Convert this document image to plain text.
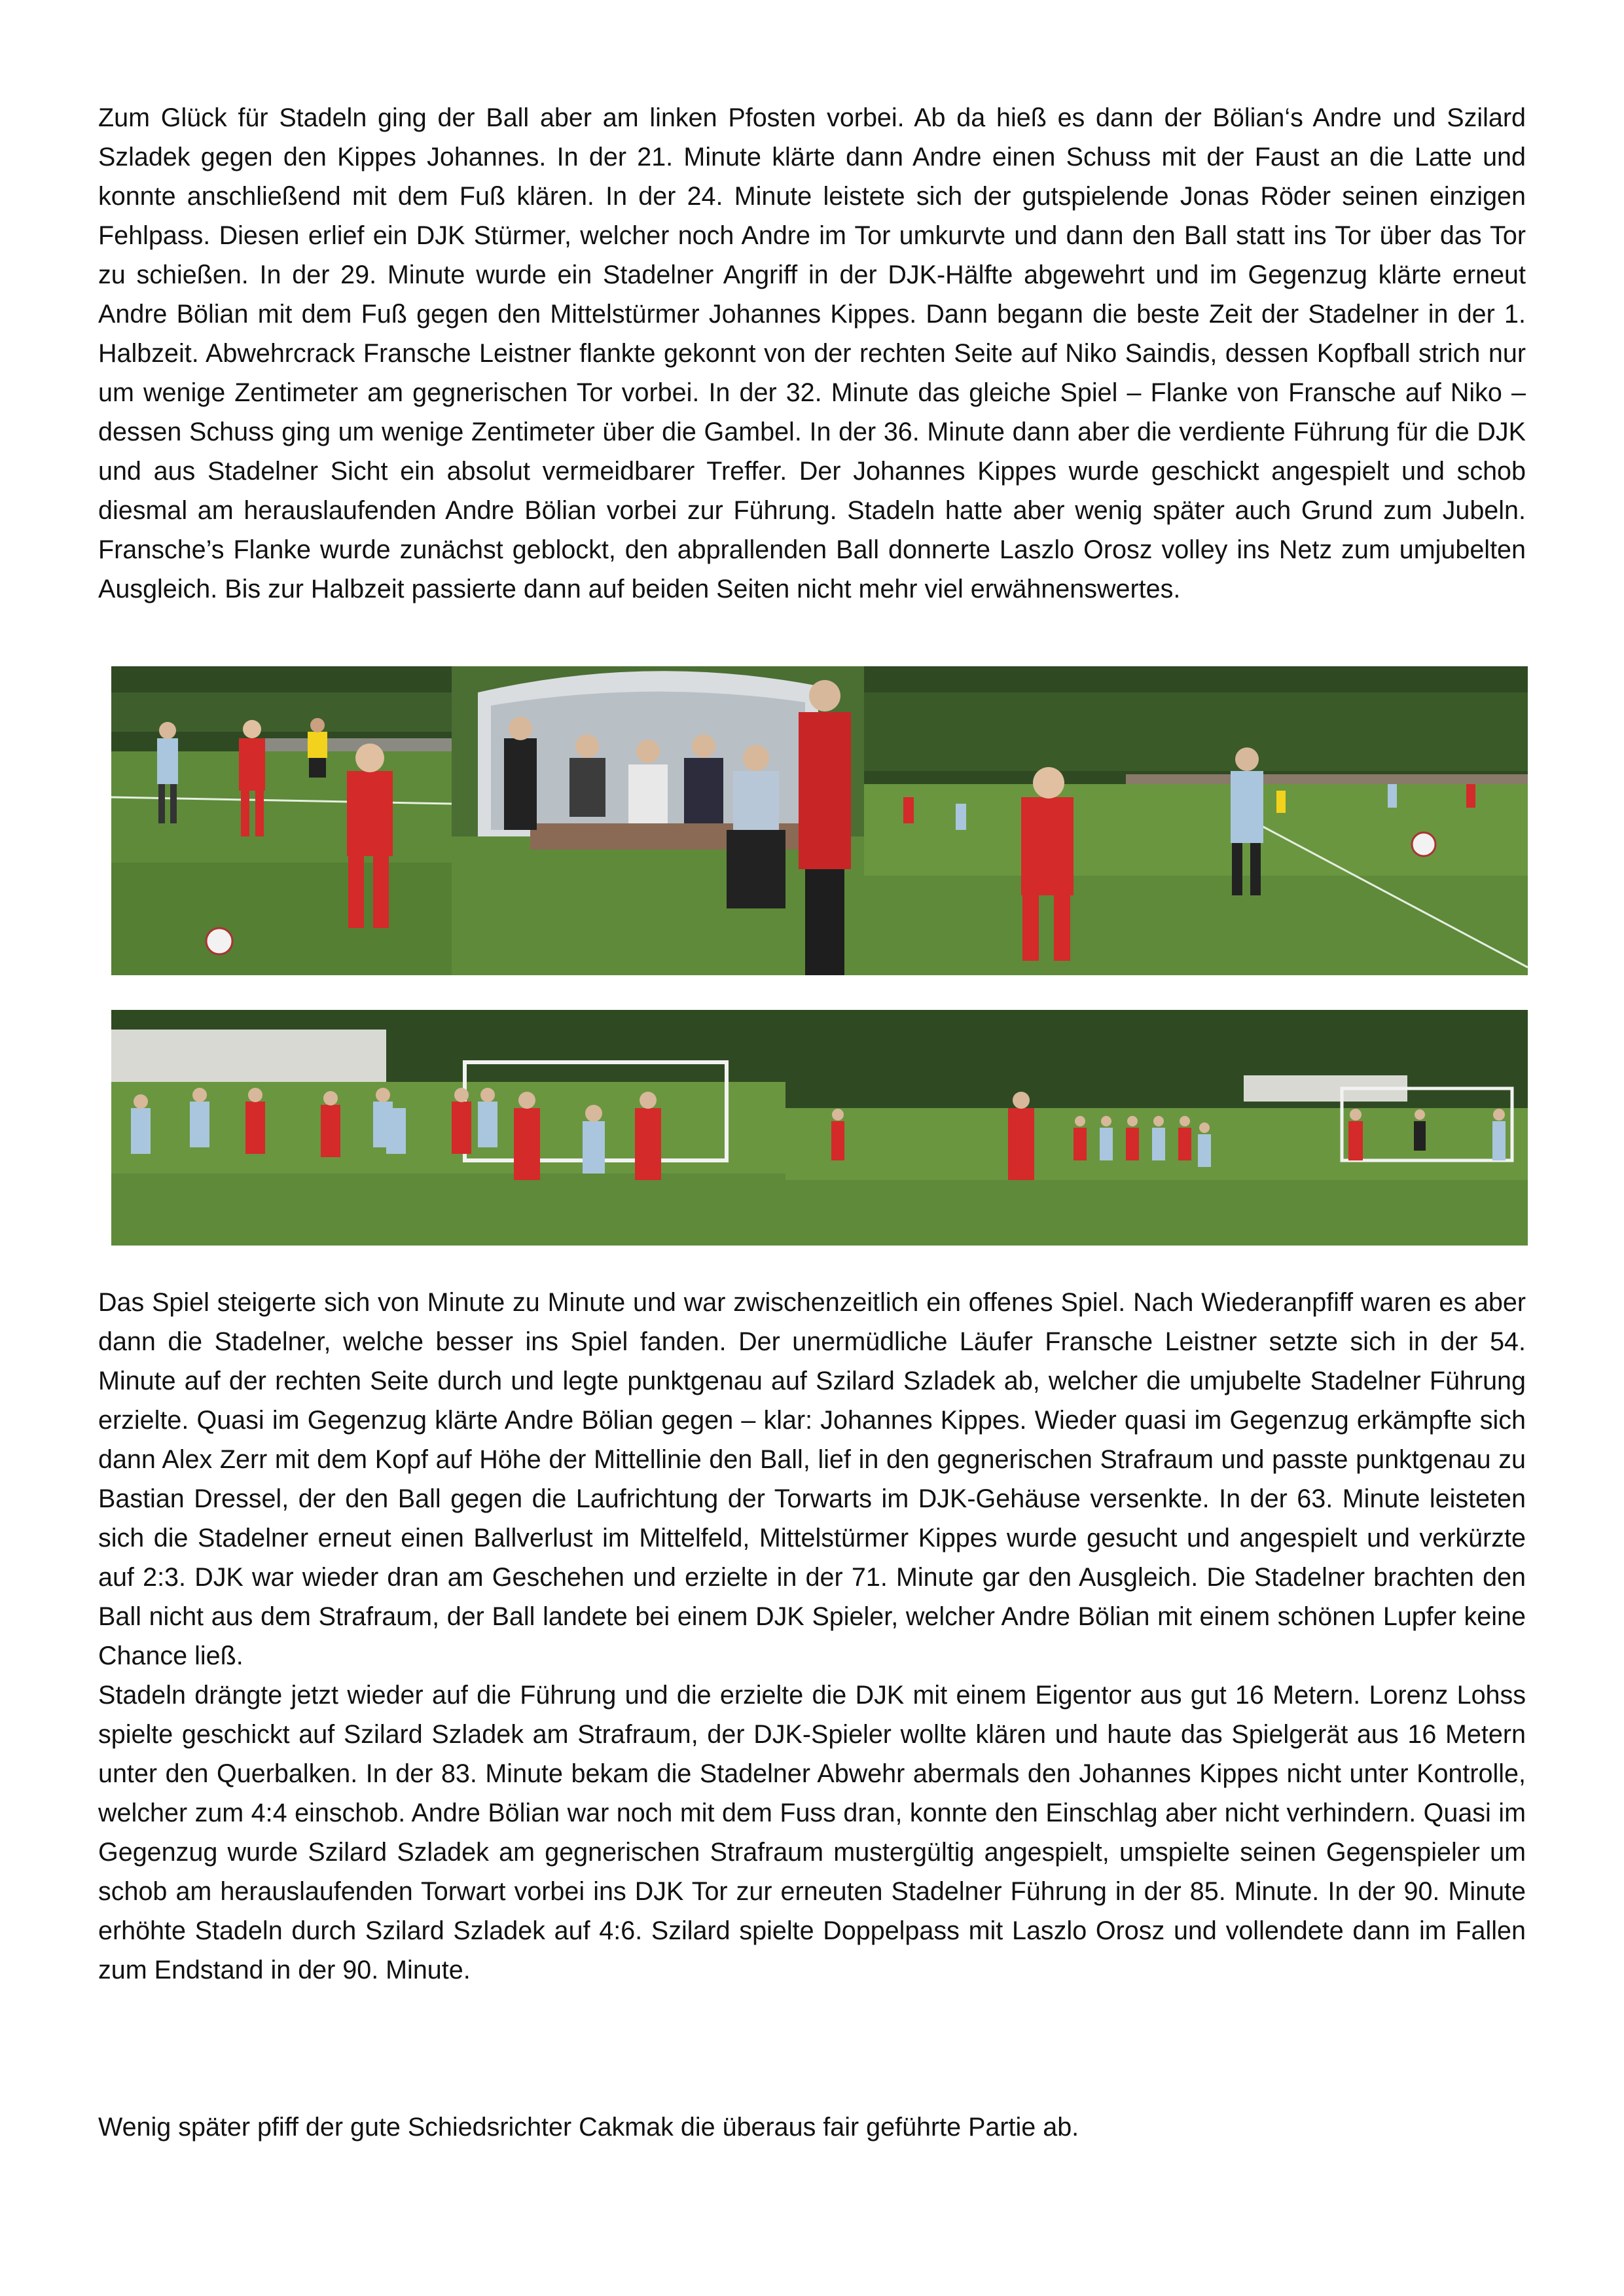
Zum Glück für Stadeln ging der Ball aber am linken Pfosten vorbei. Ab da hieß es dann der Bölian‘s Andre und Szilard Szladek gegen den Kippes Johannes. In der 21. Minute klärte dann Andre einen Schuss mit der Faust an die Latte und konnte anschließend mit dem Fuß klären. In der 24. Minute leistete sich der gutspielende Jonas Röder seinen einzigen Fehlpass. Diesen erlief ein DJK Stürmer, welcher noch Andre im Tor umkurvte und dann den Ball statt ins Tor über das Tor zu schießen. In der 29. Minute wurde ein Stadelner Angriff in der DJK-Hälfte abgewehrt und im Gegenzug klärte erneut Andre Bölian mit dem Fuß gegen den Mittelstürmer Johannes Kippes. Dann begann die beste Zeit der Stadelner in der 1. Halbzeit. Abwehrcrack Fransche Leistner flankte gekonnt von der rechten Seite auf Niko Saindis, dessen Kopfball strich nur um wenige Zentimeter am gegnerischen Tor vorbei. In der 32. Minute das gleiche Spiel – Flanke von Fransche auf Niko – dessen Schuss ging um wenige Zentimeter über die Gambel. In der 36. Minute dann aber die verdiente Führung für die DJK und aus Stadelner Sicht ein absolut vermeidbarer Treffer. Der Johannes Kippes wurde geschickt angespielt und schob diesmal am herauslaufenden Andre Bölian vorbei zur Führung. Stadeln hatte aber wenig später auch Grund zum Jubeln. Fransche’s Flanke wurde zunächst geblockt, den abprallenden Ball donnerte Laszlo Orosz volley ins Netz zum umjubelten Ausgleich. Bis zur Halbzeit passierte dann auf beiden Seiten nicht mehr viel erwähnenswertes.

Das Spiel steigerte sich von Minute zu Minute und war zwischenzeitlich ein offenes Spiel. Nach Wiederanpfiff waren es aber dann die Stadelner, welche besser ins Spiel fanden. Der unermüdliche Läufer Fransche Leistner setzte sich in der 54. Minute auf der rechten Seite durch und legte punktgenau auf Szilard Szladek ab, welcher die umjubelte Stadelner Führung erzielte. Quasi im Gegenzug klärte Andre Bölian gegen – klar: Johannes Kippes. Wieder quasi im Gegenzug erkämpfte sich dann Alex Zerr mit dem Kopf auf Höhe der Mittellinie den Ball, lief in den gegnerischen Strafraum und passte punktgenau zu Bastian Dressel, der den Ball gegen die Laufrichtung der Torwarts im DJK-Gehäuse versenkte. In der 63. Minute leisteten sich die Stadelner erneut einen Ballverlust im Mittelfeld, Mittelstürmer Kippes wurde gesucht und angespielt und verkürzte auf 2:3. DJK war wieder dran am Geschehen und erzielte in der 71. Minute gar den Ausgleich. Die Stadelner brachten den Ball nicht aus dem Strafraum, der Ball landete bei einem DJK Spieler, welcher Andre Bölian mit einem schönen Lupfer keine Chance ließ.

Stadeln drängte jetzt wieder auf die Führung und die erzielte die DJK mit einem Eigentor aus gut 16 Metern. Lorenz Lohss spielte geschickt auf Szilard Szladek am Strafraum, der DJK-Spieler wollte klären und haute das Spielgerät aus 16 Metern unter den Querbalken. In der 83. Minute bekam die Stadelner Abwehr abermals den Johannes Kippes nicht unter Kontrolle, welcher zum 4:4 einschob. Andre Bölian war noch mit dem Fuss dran, konnte den Einschlag aber nicht verhindern. Quasi im Gegenzug wurde Szilard Szladek am gegnerischen Strafraum mustergültig angespielt, umspielte seinen Gegenspieler um schob am herauslaufenden Torwart vorbei ins DJK Tor zur erneuten Stadelner Führung in der 85. Minute. In der 90. Minute erhöhte Stadeln durch Szilard Szladek auf 4:6. Szilard spielte Doppelpass mit Laszlo Orosz und vollendete dann im Fallen zum Endstand in der 90. Minute.

Wenig später pfiff der gute Schiedsrichter Cakmak die überaus fair geführte Partie ab.
